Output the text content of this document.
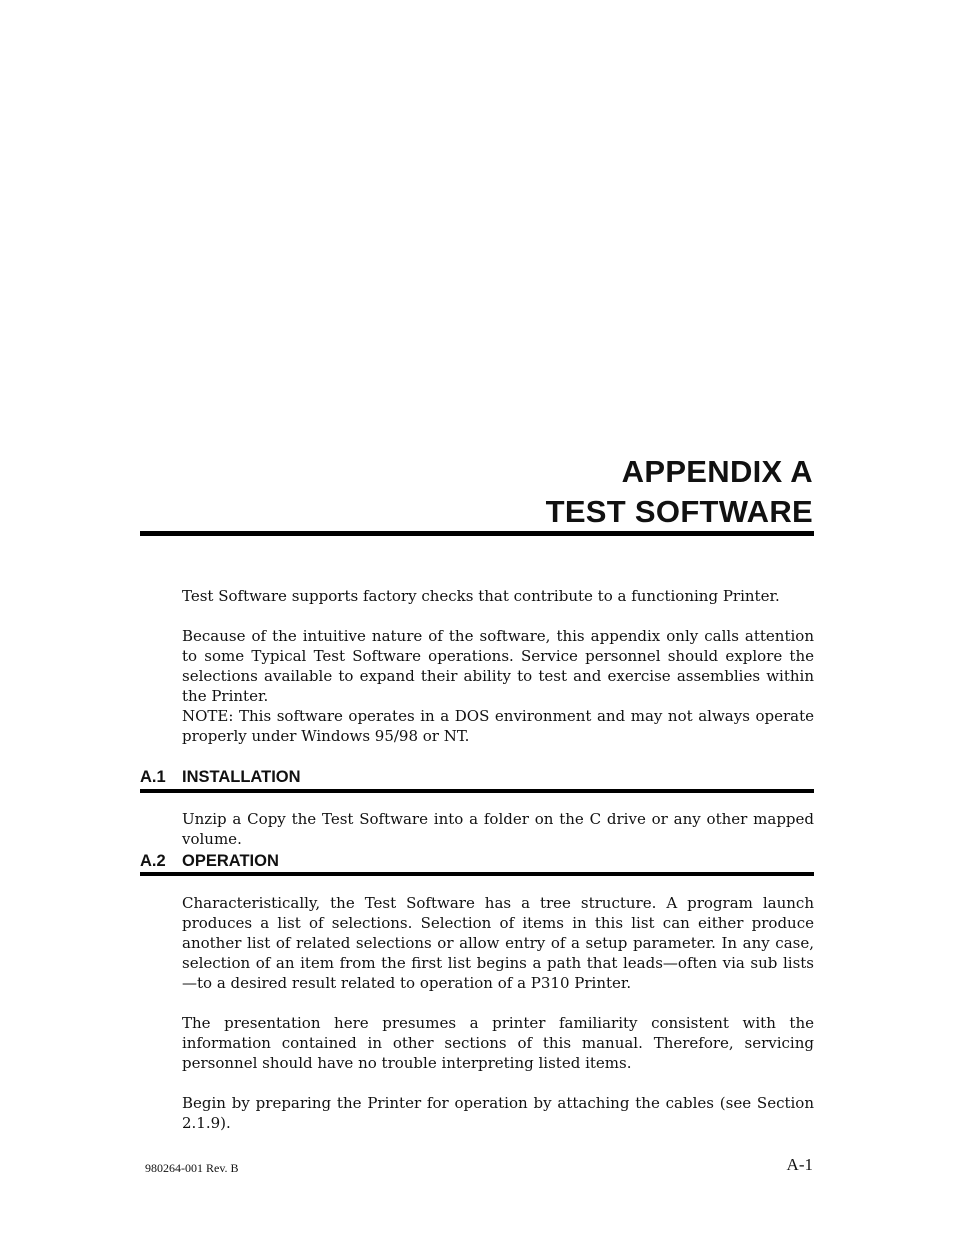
APPENDIX A
TEST SOFTWARE

Test Software supports factory checks that contribute to a functioning Printer.

Because of the intuitive nature of the software, this appendix only calls attention to some Typical Test Software operations. Service personnel should explore the selections available to expand their ability to test and exercise assemblies within the Printer.

NOTE: This software operates in a DOS environment and may not always operate properly under Windows 95/98 or NT.

A.1 INSTALLATION

Unzip a Copy the Test Software into a folder on the C drive or any other mapped volume.

A.2 OPERATION

Characteristically, the Test Software has a tree structure. A program launch produces a list of selections. Selection of items in this list can either produce another list of related selections or allow entry of a setup parameter. In any case, selection of an item from the first list begins a path that leads—often via sub lists—to a desired result related to operation of a P310 Printer.

The presentation here presumes a printer familiarity consistent with the information contained in other sections of this manual. Therefore, servicing personnel should have no trouble interpreting listed items.

Begin by preparing the Printer for operation by attaching the cables (see Section 2.1.9).

980264-001 Rev. B	A-1
